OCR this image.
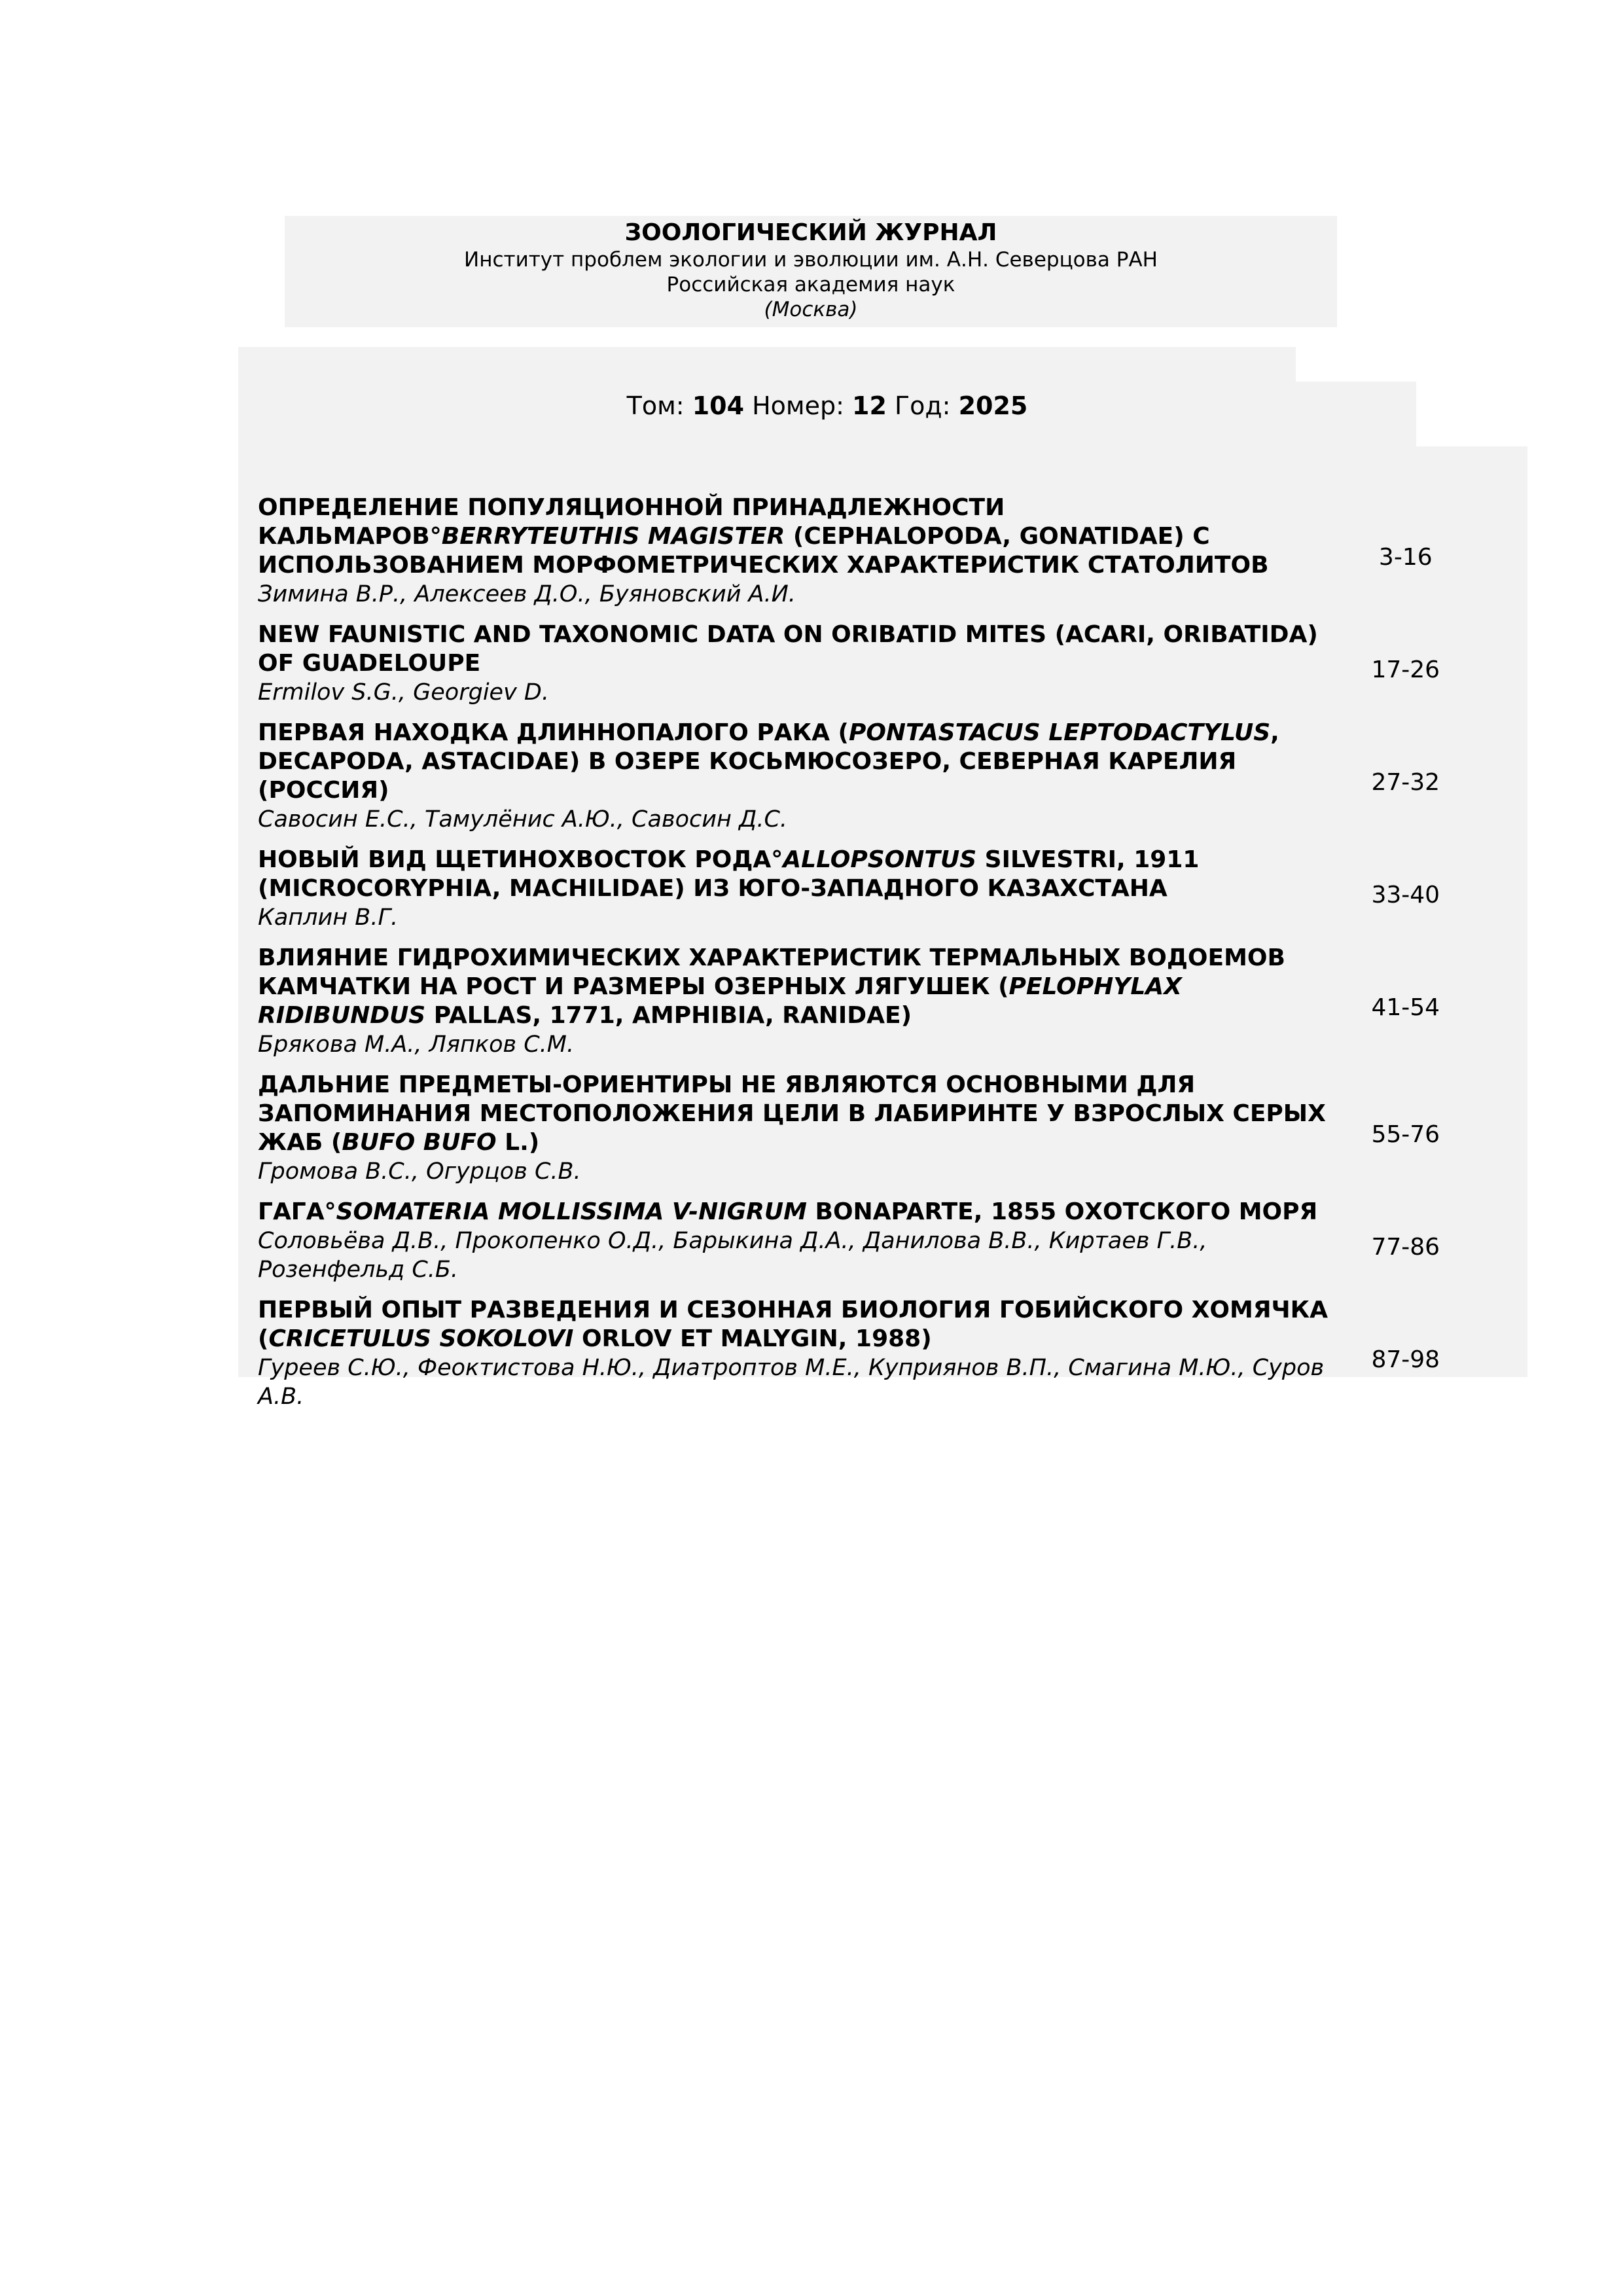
ЗООЛОГИЧЕСКИЙ ЖУРНАЛ
Институт проблем экологии и эволюции им. А.Н. Северцова РАН
Российская академия наук
(Москва)
Том: 104 Номер: 12 Год: 2025
ОПРЕДЕЛЕНИЕ ПОПУЛЯЦИОННОЙ ПРИНАДЛЕЖНОСТИ КАЛЬМАРОВ°BERRYTEUTHIS MAGISTER (CEPHALOPODA, GONATIDAE) С ИСПОЛЬЗОВАНИЕМ МОРФОМЕТРИЧЕСКИХ ХАРАКТЕРИСТИК СТАТОЛИТОВ
Зимина В.Р., Алексеев Д.О., Буяновский А.И.	3-16

NEW FAUNISTIC AND TAXONOMIC DATA ON ORIBATID MITES (ACARI, ORIBATIDA) OF GUADELOUPE
Ermilov S.G., Georgiev D.	17-26

ПЕРВАЯ НАХОДКА ДЛИННОПАЛОГО РАКА (PONTASTACUS LEPTODACTYLUS, DECAPODA, ASTACIDAE) В ОЗЕРЕ КОСЬМЮСОЗЕРО, СЕВЕРНАЯ КАРЕЛИЯ (РОССИЯ)
Савосин Е.С., Тамулёнис А.Ю., Савосин Д.С.	27-32

НОВЫЙ ВИД ЩЕТИНОХВОСТОК РОДА°ALLOPSONTUS SILVESTRI, 1911 (MICROCORYPHIA, MACHILIDAE) ИЗ ЮГО-ЗАПАДНОГО КАЗАХСТАНА
Каплин В.Г.	33-40

ВЛИЯНИЕ ГИДРОХИМИЧЕСКИХ ХАРАКТЕРИСТИК ТЕРМАЛЬНЫХ ВОДОЕМОВ КАМЧАТКИ НА РОСТ И РАЗМЕРЫ ОЗЕРНЫХ ЛЯГУШЕК (PELOPHYLAX RIDIBUNDUS PALLAS, 1771, AMPHIBIA, RANIDAE)
Брякова М.А., Ляпков С.М.	41-54

ДАЛЬНИЕ ПРЕДМЕТЫ-ОРИЕНТИРЫ НЕ ЯВЛЯЮТСЯ ОСНОВНЫМИ ДЛЯ ЗАПОМИНАНИЯ МЕСТОПОЛОЖЕНИЯ ЦЕЛИ В ЛАБИРИНТЕ У ВЗРОСЛЫХ СЕРЫХ ЖАБ (BUFO BUFO L.)
Громова В.С., Огурцов С.В.	55-76

ГАГА°SOMATERIA MOLLISSIMA V-NIGRUM BONAPARTE, 1855 ОХОТСКОГО МОРЯ
Соловьёва Д.В., Прокопенко О.Д., Барыкина Д.А., Данилова В.В., Киртаев Г.В., Розенфельд С.Б.	77-86

ПЕРВЫЙ ОПЫТ РАЗВЕДЕНИЯ И СЕЗОННАЯ БИОЛОГИЯ ГОБИЙСКОГО ХОМЯЧКА (CRICETULUS SOKOLOVI ORLOV ET MALYGIN, 1988)
Гуреев С.Ю., Феоктистова Н.Ю., Диатроптов М.Е., Куприянов В.П., Смагина М.Ю., Суров А.В.	87-98
